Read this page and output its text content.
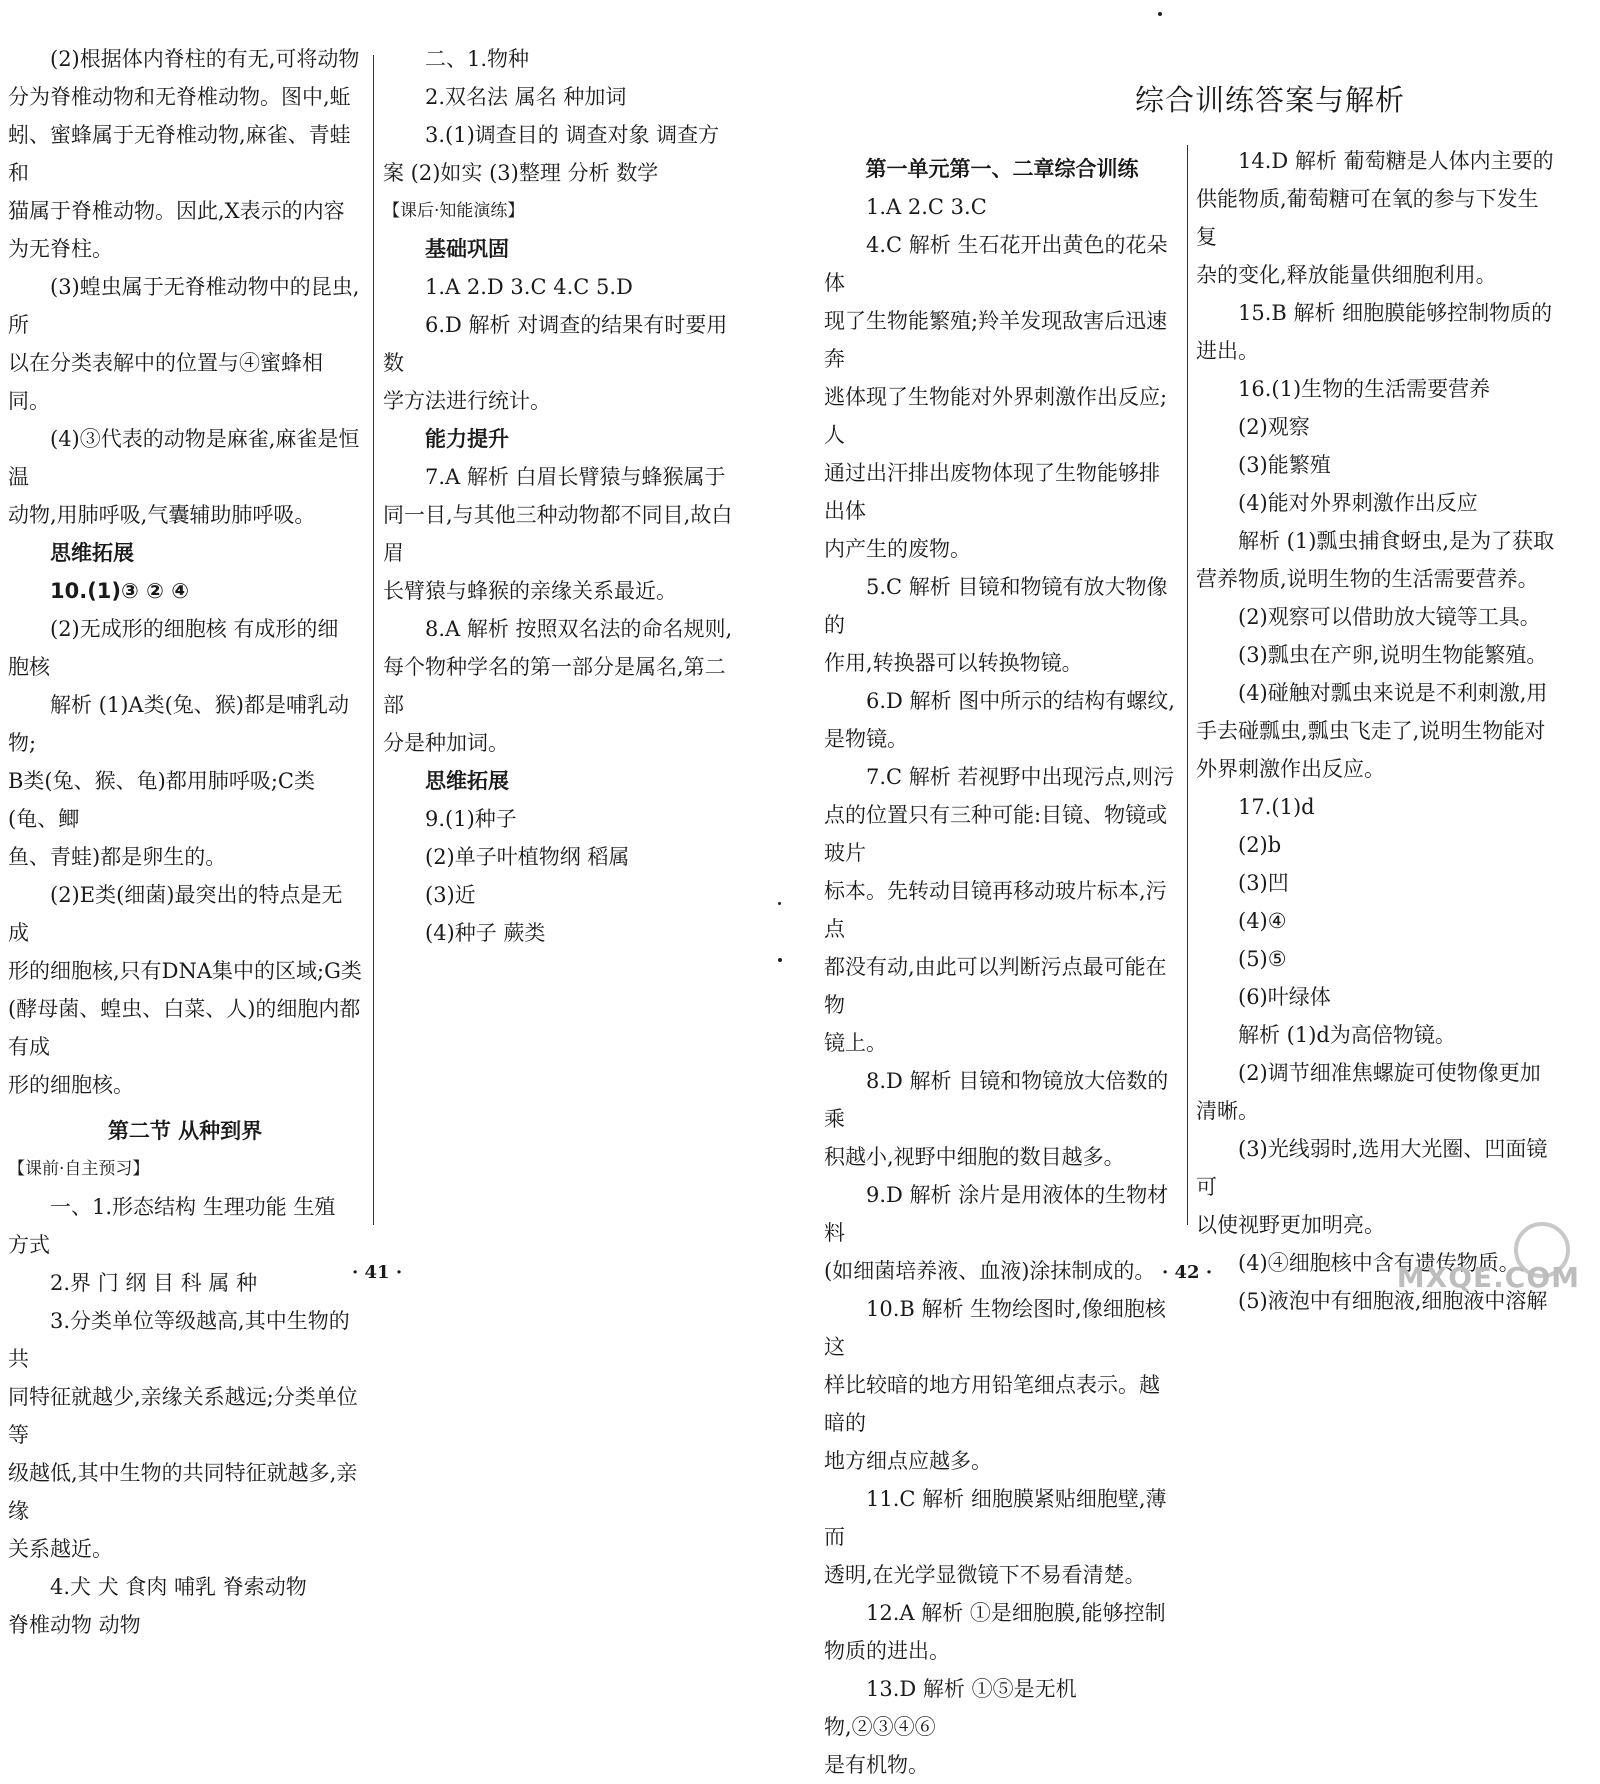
(2)根据体内脊柱的有无,可将动物

分为脊椎动物和无脊椎动物。图中,蚯

蚓、蜜蜂属于无脊椎动物,麻雀、青蛙和

猫属于脊椎动物。因此,X表示的内容

为无脊柱。

(3)蝗虫属于无脊椎动物中的昆虫,所

以在分类表解中的位置与④蜜蜂相同。

(4)③代表的动物是麻雀,麻雀是恒温

动物,用肺呼吸,气囊辅助肺呼吸。

思维拓展

10.(1)③ ② ④

(2)无成形的细胞核 有成形的细

胞核

解析 (1)A类(兔、猴)都是哺乳动物;

B类(兔、猴、龟)都用肺呼吸;C类(龟、鲫

鱼、青蛙)都是卵生的。

(2)E类(细菌)最突出的特点是无成

形的细胞核,只有DNA集中的区域;G类

(酵母菌、蝗虫、白菜、人)的细胞内都有成

形的细胞核。

第二节 从种到界

【课前·自主预习】

一、1.形态结构 生理功能 生殖

方式

2.界 门 纲 目 科 属 种

3.分类单位等级越高,其中生物的共

同特征就越少,亲缘关系越远;分类单位等

级越低,其中生物的共同特征就越多,亲缘

关系越近。

4.犬 犬 食肉 哺乳 脊索动物

脊椎动物 动物

二、1.物种

2.双名法 属名 种加词

3.(1)调查目的 调查对象 调查方

案 (2)如实 (3)整理 分析 数学

【课后·知能演练】

基础巩固

1.A 2.D 3.C 4.C 5.D

6.D 解析 对调查的结果有时要用数

学方法进行统计。

能力提升

7.A 解析 白眉长臂猿与蜂猴属于

同一目,与其他三种动物都不同目,故白眉

长臂猿与蜂猴的亲缘关系最近。

8.A 解析 按照双名法的命名规则,

每个物种学名的第一部分是属名,第二部

分是种加词。

思维拓展

9.(1)种子

(2)单子叶植物纲 稻属

(3)近

(4)种子 蕨类

· 41 ·
综合训练答案与解析

第一单元第一、二章综合训练

1.A 2.C 3.C

4.C 解析 生石花开出黄色的花朵体

现了生物能繁殖;羚羊发现敌害后迅速奔

逃体现了生物能对外界刺激作出反应;人

通过出汗排出废物体现了生物能够排出体

内产生的废物。

5.C 解析 目镜和物镜有放大物像的

作用,转换器可以转换物镜。

6.D 解析 图中所示的结构有螺纹,

是物镜。

7.C 解析 若视野中出现污点,则污

点的位置只有三种可能:目镜、物镜或玻片

标本。先转动目镜再移动玻片标本,污点

都没有动,由此可以判断污点最可能在物

镜上。

8.D 解析 目镜和物镜放大倍数的乘

积越小,视野中细胞的数目越多。

9.D 解析 涂片是用液体的生物材料

(如细菌培养液、血液)涂抹制成的。

10.B 解析 生物绘图时,像细胞核这

样比较暗的地方用铅笔细点表示。越暗的

地方细点应越多。

11.C 解析 细胞膜紧贴细胞壁,薄而

透明,在光学显微镜下不易看清楚。

12.A 解析 ①是细胞膜,能够控制

物质的进出。

13.D 解析 ①⑤是无机物,②③④⑥

是有机物。

14.D 解析 葡萄糖是人体内主要的

供能物质,葡萄糖可在氧的参与下发生复

杂的变化,释放能量供细胞利用。

15.B 解析 细胞膜能够控制物质的

进出。

16.(1)生物的生活需要营养

(2)观察

(3)能繁殖

(4)能对外界刺激作出反应

解析 (1)瓢虫捕食蚜虫,是为了获取

营养物质,说明生物的生活需要营养。

(2)观察可以借助放大镜等工具。

(3)瓢虫在产卵,说明生物能繁殖。

(4)碰触对瓢虫来说是不利刺激,用

手去碰瓢虫,瓢虫飞走了,说明生物能对

外界刺激作出反应。

17.(1)d

(2)b

(3)凹

(4)④

(5)⑤

(6)叶绿体

解析 (1)d为高倍物镜。

(2)调节细准焦螺旋可使物像更加

清晰。

(3)光线弱时,选用大光圈、凹面镜可

以使视野更加明亮。

(4)④细胞核中含有遗传物质。

(5)液泡中有细胞液,细胞液中溶解

· 42 ·	MXQE.COM
